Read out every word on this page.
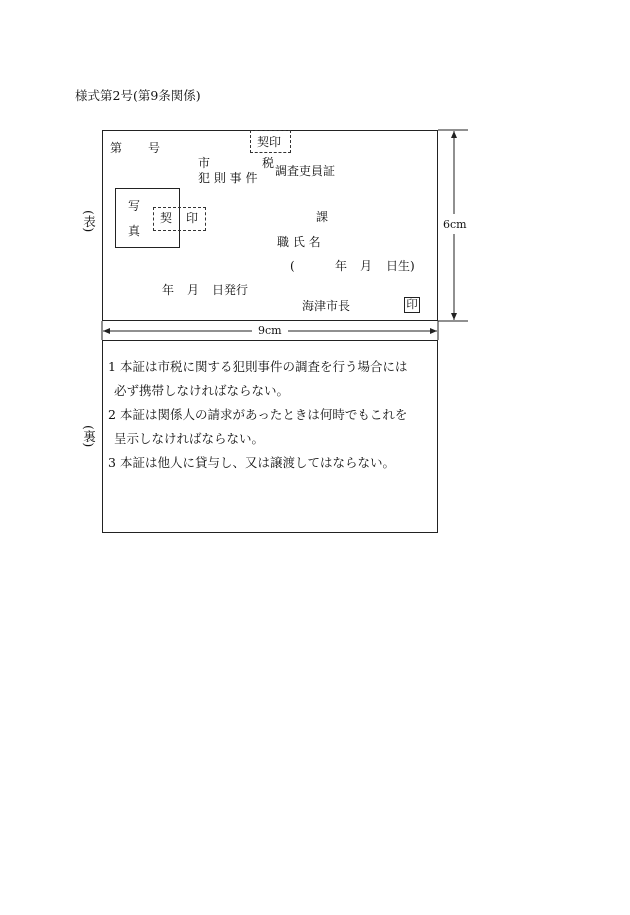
様式第2号(第9条関係)
(表)
(裏)
第 号	契印
市	税
犯 則 事 件 調査吏員証
写
真
契 印	課
職 氏 名
(	年 月 日生)
年 月 日発行
海津市長	印
6cm
9cm
1 本証は市税に関する犯則事件の調査を行う場合には
必ず携帯しなければならない。
2 本証は関係人の請求があったときは何時でもこれを
呈示しなければならない。
3 本証は他人に貸与し、又は譲渡してはならない。
